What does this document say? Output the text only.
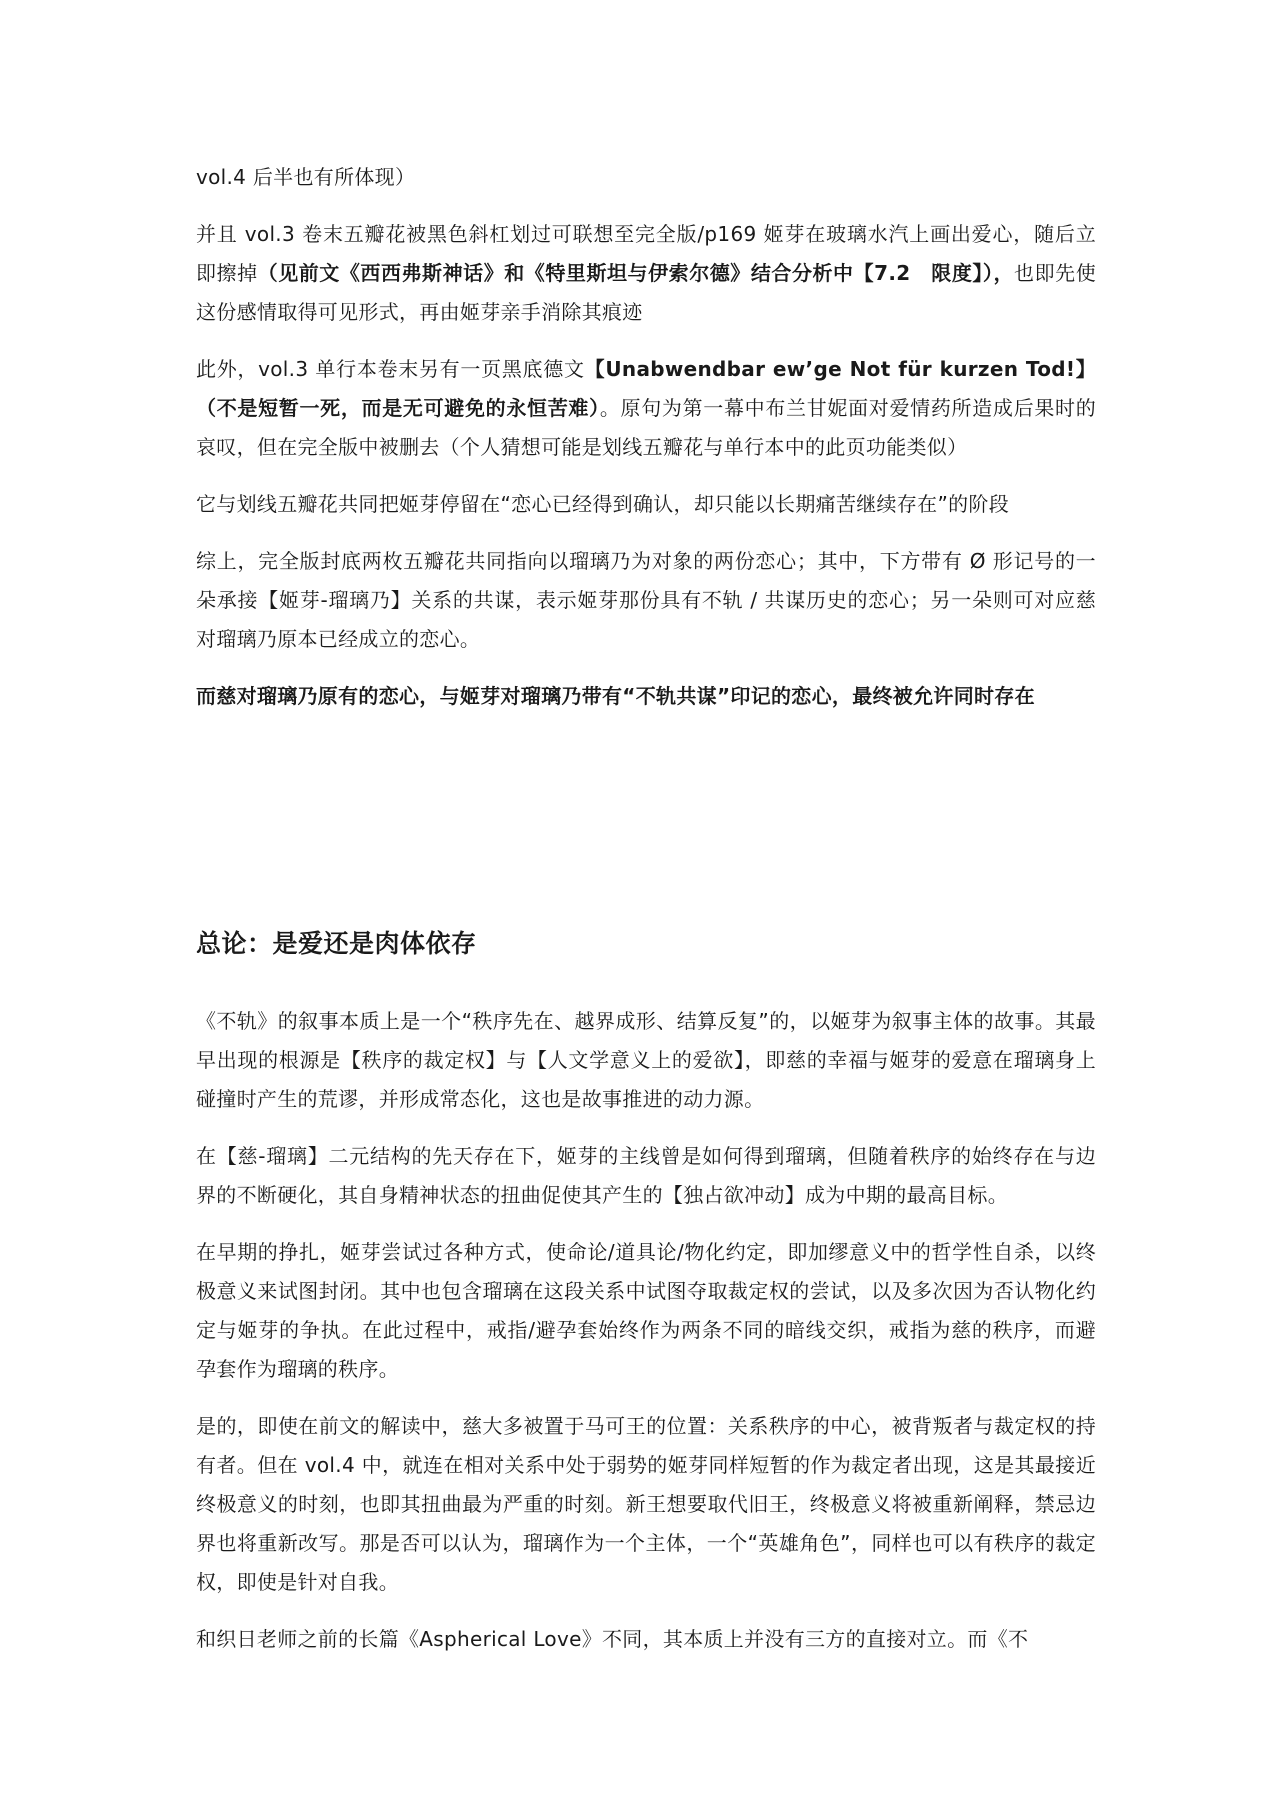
vol.4 后半也有所体现）
并且 vol.3 卷末五瓣花被黑色斜杠划过可联想至完全版/p169 姬芽在玻璃水汽上画出爱心，随后立即擦掉（见前文《西西弗斯神话》和《特里斯坦与伊索尔德》结合分析中【7.2　限度】），也即先使这份感情取得可见形式，再由姬芽亲手消除其痕迹
此外，vol.3 单行本卷末另有一页黑底德文【Unabwendbar ew’ge Not für kurzen Tod!】（不是短暂一死，而是无可避免的永恒苦难）。原句为第一幕中布兰甘妮面对爱情药所造成后果时的哀叹，但在完全版中被删去（个人猜想可能是划线五瓣花与单行本中的此页功能类似）
它与划线五瓣花共同把姬芽停留在“恋心已经得到确认，却只能以长期痛苦继续存在”的阶段
综上，完全版封底两枚五瓣花共同指向以瑠璃乃为对象的两份恋心；其中，下方带有 Ø 形记号的一朵承接【姬芽-瑠璃乃】关系的共谋，表示姬芽那份具有不轨 / 共谋历史的恋心；另一朵则可对应慈对瑠璃乃原本已经成立的恋心。
而慈对瑠璃乃原有的恋心，与姬芽对瑠璃乃带有“不轨共谋”印记的恋心，最终被允许同时存在
总论：是爱还是肉体依存
《不轨》的叙事本质上是一个“秩序先在、越界成形、结算反复”的，以姬芽为叙事主体的故事。其最早出现的根源是【秩序的裁定权】与【人文学意义上的爱欲】，即慈的幸福与姬芽的爱意在瑠璃身上碰撞时产生的荒谬，并形成常态化，这也是故事推进的动力源。
在【慈-瑠璃】二元结构的先天存在下，姬芽的主线曾是如何得到瑠璃，但随着秩序的始终存在与边界的不断硬化，其自身精神状态的扭曲促使其产生的【独占欲冲动】成为中期的最高目标。
在早期的挣扎，姬芽尝试过各种方式，使命论/道具论/物化约定，即加缪意义中的哲学性自杀，以终极意义来试图封闭。其中也包含瑠璃在这段关系中试图夺取裁定权的尝试，以及多次因为否认物化约定与姬芽的争执。在此过程中，戒指/避孕套始终作为两条不同的暗线交织，戒指为慈的秩序，而避孕套作为瑠璃的秩序。
是的，即使在前文的解读中，慈大多被置于马可王的位置：关系秩序的中心，被背叛者与裁定权的持有者。但在 vol.4 中，就连在相对关系中处于弱势的姬芽同样短暂的作为裁定者出现，这是其最接近终极意义的时刻，也即其扭曲最为严重的时刻。新王想要取代旧王，终极意义将被重新阐释，禁忌边界也将重新改写。那是否可以认为，瑠璃作为一个主体，一个“英雄角色”，同样也可以有秩序的裁定权，即使是针对自我。
和织日老师之前的长篇《Aspherical Love》不同，其本质上并没有三方的直接对立。而《不
